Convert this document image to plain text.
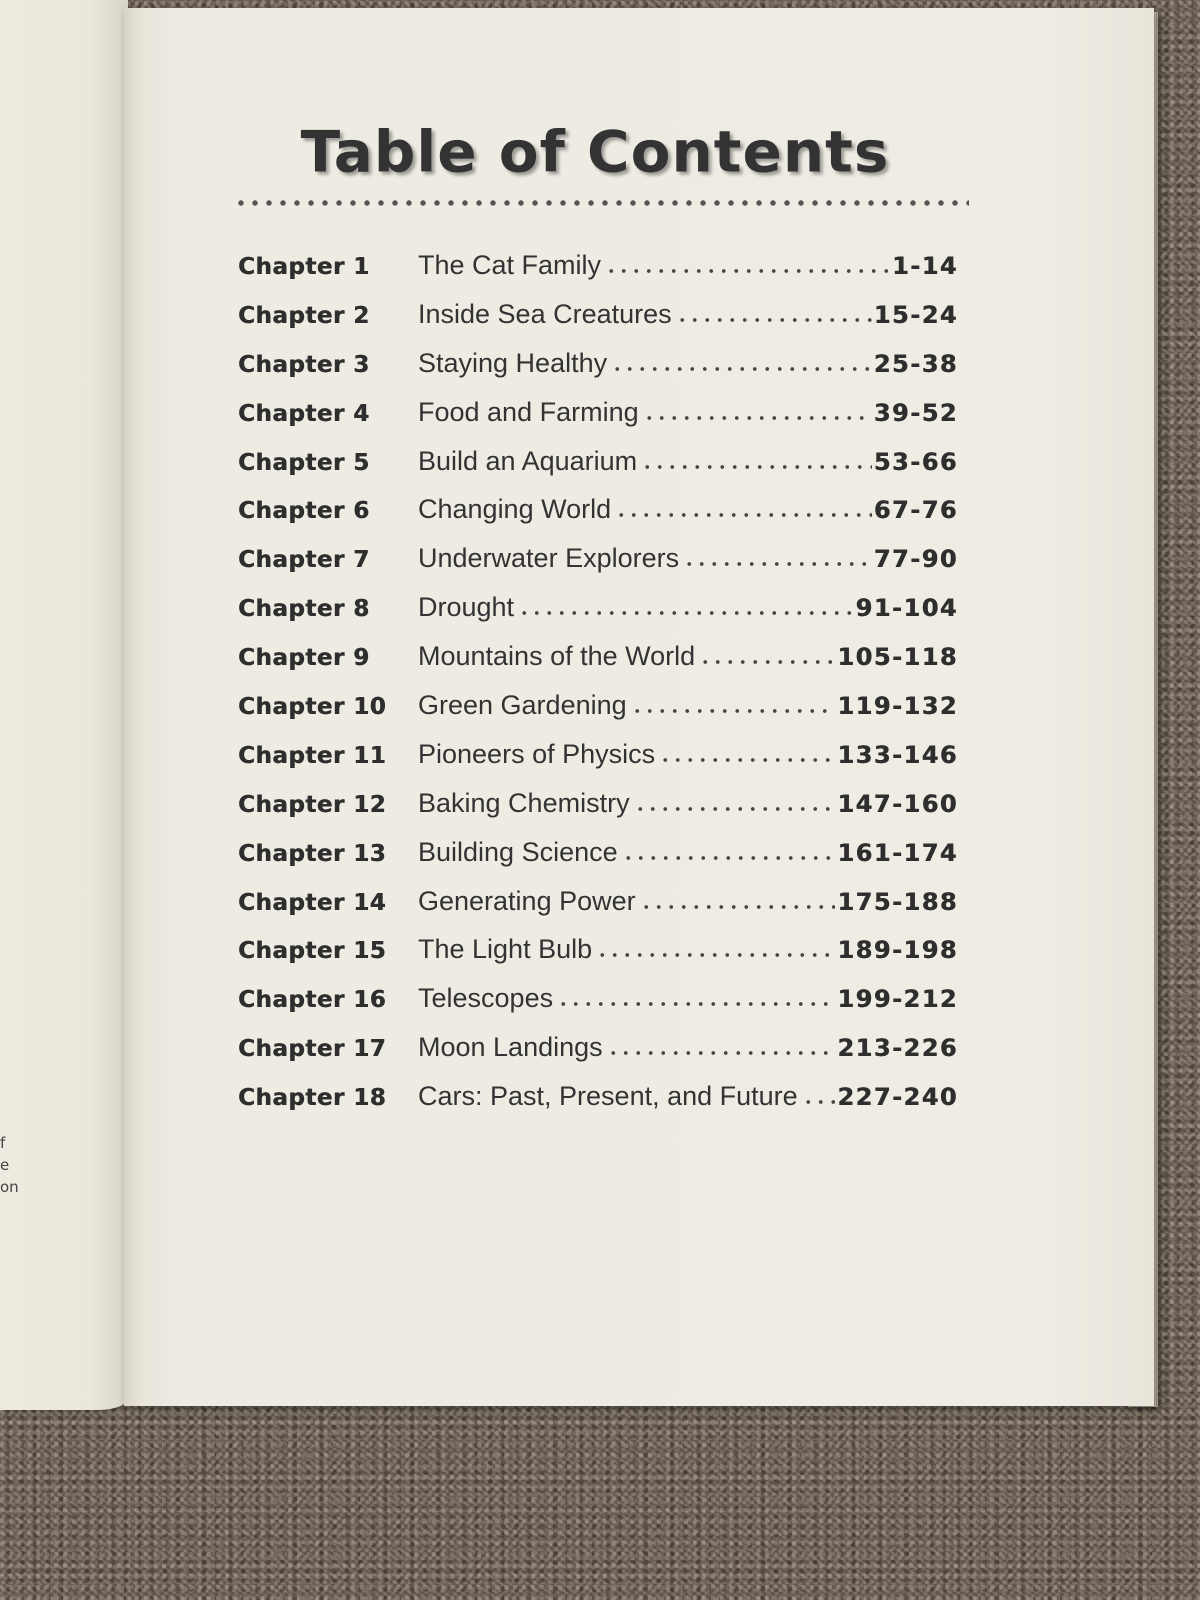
f
e
on
Table of Contents
Chapter 1	The Cat Family	1-14
Chapter 2	Inside Sea Creatures	15-24
Chapter 3	Staying Healthy	25-38
Chapter 4	Food and Farming	39-52
Chapter 5	Build an Aquarium	53-66
Chapter 6	Changing World	67-76
Chapter 7	Underwater Explorers	77-90
Chapter 8	Drought	91-104
Chapter 9	Mountains of the World	105-118
Chapter 10	Green Gardening	119-132
Chapter 11	Pioneers of Physics	133-146
Chapter 12	Baking Chemistry	147-160
Chapter 13	Building Science	161-174
Chapter 14	Generating Power	175-188
Chapter 15	The Light Bulb	189-198
Chapter 16	Telescopes	199-212
Chapter 17	Moon Landings	213-226
Chapter 18	Cars: Past, Present, and Future 227-240
